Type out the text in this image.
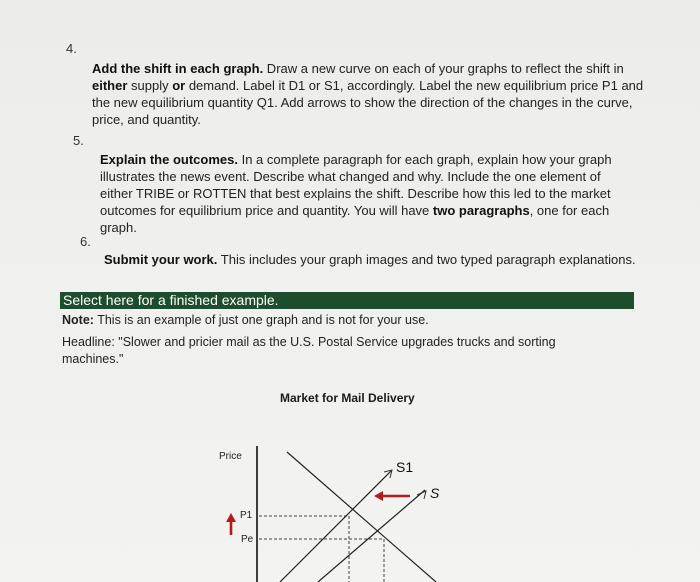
4.
Add the shift in each graph. Draw a new curve on each of your graphs to reflect the shift in either supply or demand. Label it D1 or S1, accordingly. Label the new equilibrium price P1 and the new equilibrium quantity Q1. Add arrows to show the direction of the changes in the curve, price, and quantity.
5.
Explain the outcomes. In a complete paragraph for each graph, explain how your graph illustrates the news event. Describe what changed and why. Include the one element of either TRIBE or ROTTEN that best explains the shift. Describe how this led to the market outcomes for equilibrium price and quantity. You will have two paragraphs, one for each graph.
6.
Submit your work. This includes your graph images and two typed paragraph explanations.
Select here for a finished example.
Note: This is an example of just one graph and is not for your use.
Headline: "Slower and pricier mail as the U.S. Postal Service upgrades trucks and sorting machines."
Market for Mail Delivery
Price
P1
Pe
S1
S
